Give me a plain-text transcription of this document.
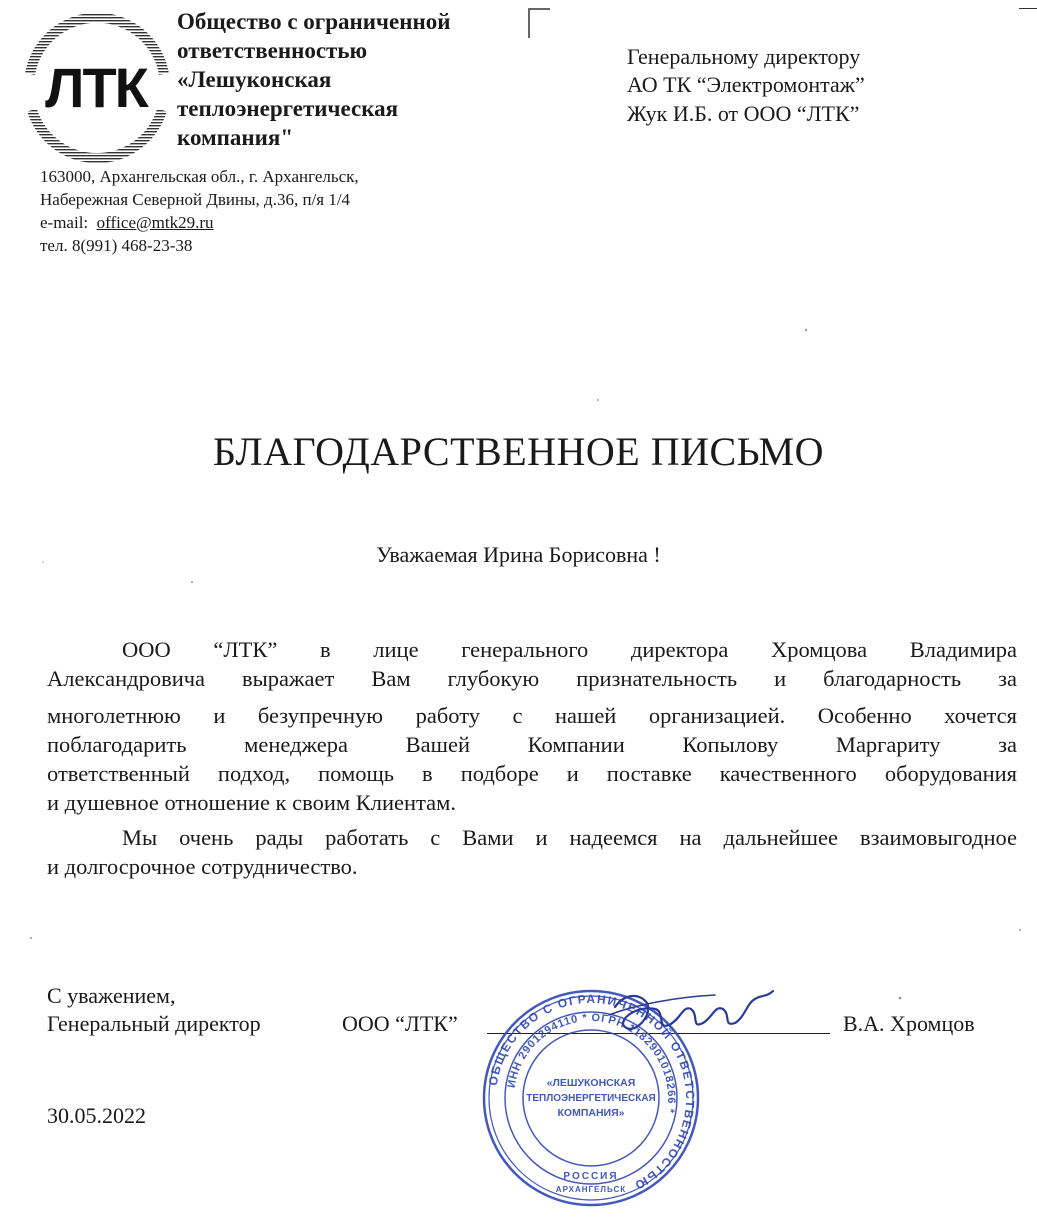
ЛТК
Общество с ограниченной
ответственностью
«Лешуконская
теплоэнергетическая
компания"
163000, Архангельская обл., г. Архангельск,
Набережная Северной Двины, д.36, п/я 1/4
e-mail: office@mtk29.ru
тел. 8(991) 468-23-38
Генеральному директору
АО ТК “Электромонтаж”
Жук И.Б. от ООО “ЛТК”
БЛАГОДАРСТВЕННОЕ ПИСЬМО
Уважаемая Ирина Борисовна !
ООО “ЛТК” в лице генерального директора Хромцова Владимира
Александровича выражает Вам глубокую признательность и благодарность за
многолетнюю и безупречную работу с нашей организацией. Особенно хочется
поблагодарить менеджера Вашей Компании Копылову Маргариту за
ответственный подход, помощь в подборе и поставке качественного оборудования
и душевное отношение к своим Клиентам.
Мы очень рады работать с Вами и надеемся на дальнейшее взаимовыгодное
и долгосрочное сотрудничество.
С уважением,
Генеральный директор	ООО “ЛТК”	В.А. Хромцов
30.05.2022
ОБЩЕСТВО С ОГРАНИЧЕННОЙ ОТВЕТСТВЕННОСТЬЮ
ИНН 2901294110 * ОГРН 1182901018266 *
«ЛЕШУКОНСКАЯ
ТЕПЛОЭНЕРГЕТИЧЕСКАЯ
КОМПАНИЯ»
РОССИЯ
АРХАНГЕЛЬСК
